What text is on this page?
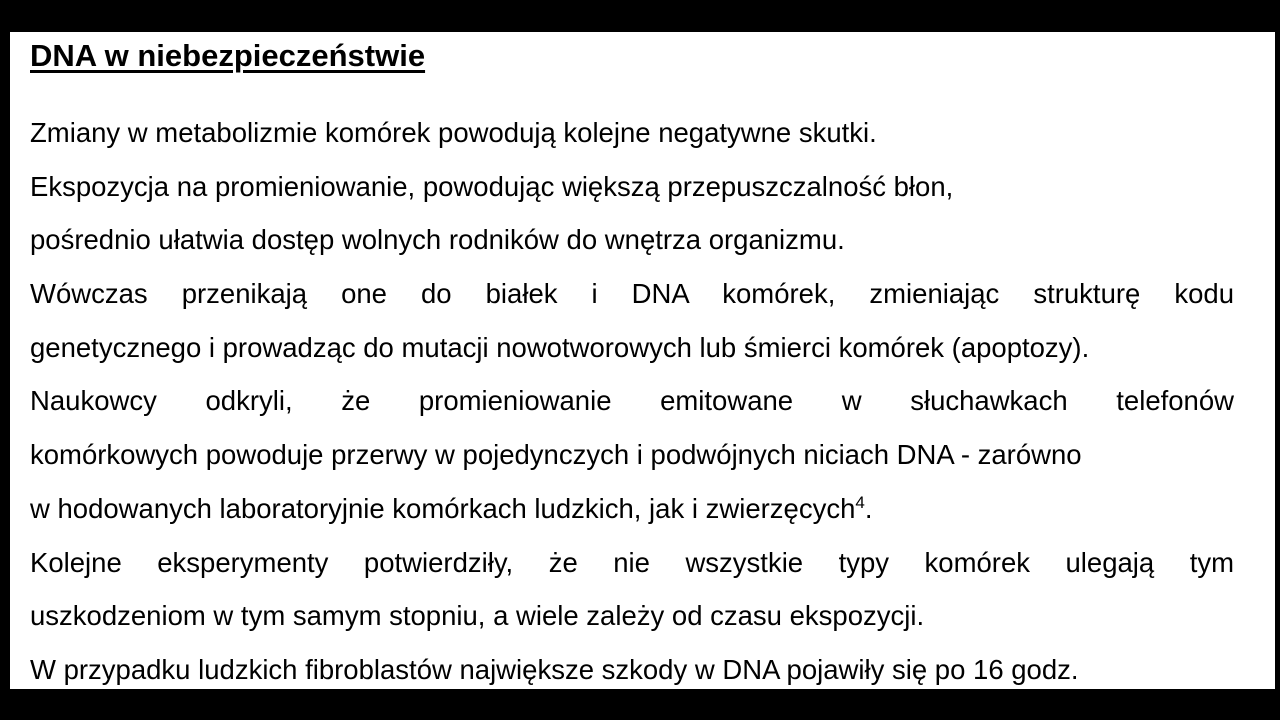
DNA w niebezpieczeństwie
Zmiany w metabolizmie komórek powodują kolejne negatywne skutki.
Ekspozycja na promieniowanie, powodując większą przepuszczalność błon,
pośrednio ułatwia dostęp wolnych rodników do wnętrza organizmu.
Wówczas przenikają one do białek i DNA komórek, zmieniając strukturę kodu
genetycznego i prowadząc do mutacji nowotworowych lub śmierci komórek (apoptozy).
Naukowcy odkryli, że promieniowanie emitowane w słuchawkach telefonów
komórkowych powoduje przerwy w pojedynczych i podwójnych niciach DNA - zarówno
w hodowanych laboratoryjnie komórkach ludzkich, jak i zwierzęcych$^4$.
Kolejne eksperymenty potwierdziły, że nie wszystkie typy komórek ulegają tym
uszkodzeniom w tym samym stopniu, a wiele zależy od czasu ekspozycji.
W przypadku ludzkich fibroblastów największe szkody w DNA pojawiły się po 16 godz.
